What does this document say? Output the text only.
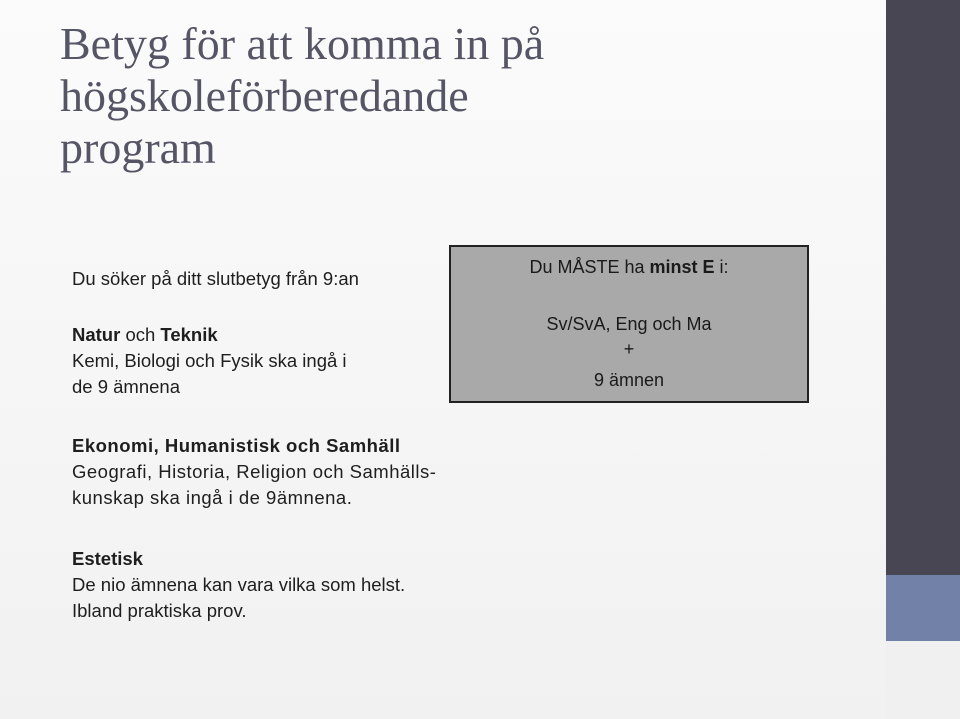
Betyg för att komma in på
högskoleförberedande
program

Du söker på ditt slutbetyg från 9:an

Natur och Teknik

Kemi, Biologi och Fysik ska ingå i

de 9 ämnena

Ekonomi, Humanistisk och Samhäll

Geografi, Historia, Religion och Samhälls-

kunskap ska ingå i de 9ämnena.

Estetisk

De nio ämnena kan vara vilka som helst.

Ibland praktiska prov.

Du MÅSTE ha minst E i:
Sv/SvA, Eng och Ma
+
9 ämnen
